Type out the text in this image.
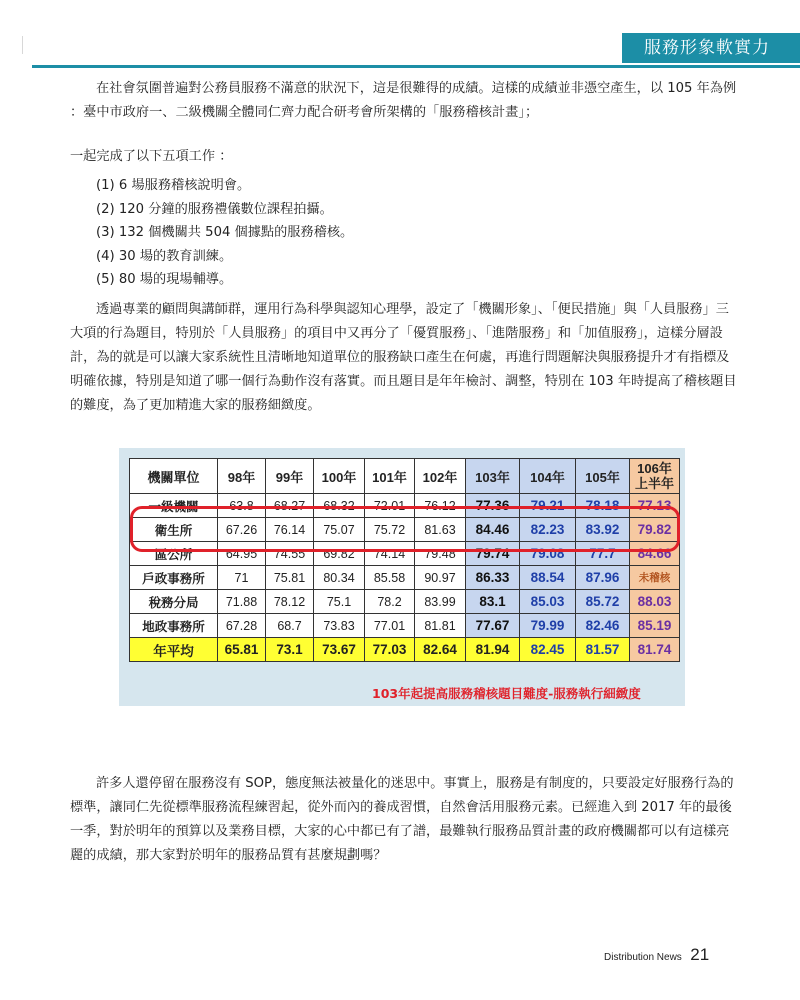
服務形象軟實力
在社會氛圍普遍對公務員服務不滿意的狀況下，這是很難得的成績。這樣的成績並非憑空產生，以 105 年為例 ：臺中市政府一、二級機關全體同仁齊力配合研考會所架構的「服務稽核計畫」；
一起完成了以下五項工作 ：
(1) 6 場服務稽核說明會。
(2) 120 分鐘的服務禮儀數位課程拍攝。
(3) 132 個機關共 504 個據點的服務稽核。
(4) 30 場的教育訓練。
(5) 80 場的現場輔導。
透過專業的顧問與講師群，運用行為科學與認知心理學，設定了「機關形象」、「便民措施」與「人員服務」三大項的行為題目，特別於「人員服務」的項目中又再分了「優質服務」、「進階服務」和「加值服務」，這樣分層設計，為的就是可以讓大家系統性且清晰地知道單位的服務缺口產生在何處，再進行問題解決與服務提升才有指標及明確依據，特別是知道了哪一個行為動作沒有落實。而且題目是年年檢討、調整，特別在 103 年時提高了稽核題目的難度，為了更加精進大家的服務細緻度。
機關單位	98年	99年	100年	101年	102年	103年	104年	105年	106年
上半年
一級機關	63.8	68.27	68.32	72.01	76.12	77.36	79.21	78.18	77.13
衛生所	67.26	76.14	75.07	75.72	81.63	84.46	82.23	83.92	79.82
區公所	64.95	74.55	69.82	74.14	79.48	79.74	79.08	77.7	84.66
戶政事務所	71	75.81	80.34	85.58	90.97	86.33	88.54	87.96	未稽核
稅務分局	71.88	78.12	75.1	78.2	83.99	83.1	85.03	85.72	88.03
地政事務所	67.28	68.7	73.83	77.01	81.81	77.67	79.99	82.46	85.19
年平均	65.81	73.1	73.67	77.03	82.64	81.94	82.45	81.57	81.74
103年起提高服務稽核題目難度-服務執行細緻度
許多人還停留在服務沒有 SOP，態度無法被量化的迷思中。事實上，服務是有制度的，只要設定好服務行為的標準，讓同仁先從標準服務流程練習起，從外而內的養成習慣，自然會活用服務元素。已經進入到 2017 年的最後一季，對於明年的預算以及業務目標，大家的心中都已有了譜，最難執行服務品質計畫的政府機關都可以有這樣亮麗的成績，那大家對於明年的服務品質有甚麼規劃嗎？
Distribution News 21
